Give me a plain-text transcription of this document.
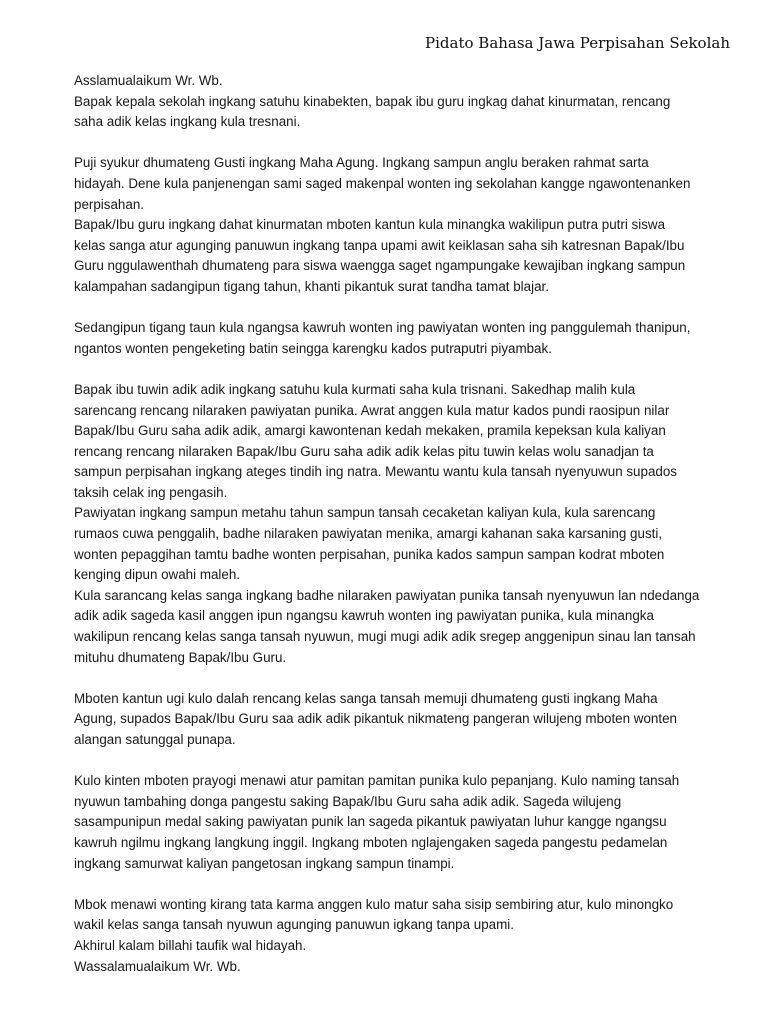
Pidato Bahasa Jawa Perpisahan Sekolah
Asslamualaikum Wr. Wb.
Bapak kepala sekolah ingkang satuhu kinabekten, bapak ibu guru ingkag dahat kinurmatan, rencang
saha adik kelas ingkang kula tresnani.
Puji syukur dhumateng Gusti ingkang Maha Agung. Ingkang sampun anglu beraken rahmat sarta
hidayah. Dene kula panjenengan sami saged makenpal wonten ing sekolahan kangge ngawontenanken
perpisahan.
Bapak/Ibu guru ingkang dahat kinurmatan mboten kantun kula minangka wakilipun putra putri siswa
kelas sanga atur agunging panuwun ingkang tanpa upami awit keiklasan saha sih katresnan Bapak/Ibu
Guru nggulawenthah dhumateng para siswa waengga saget ngampungake kewajiban ingkang sampun
kalampahan sadangipun tigang tahun, khanti pikantuk surat tandha tamat blajar.
Sedangipun tigang taun kula ngangsa kawruh wonten ing pawiyatan wonten ing panggulemah thanipun,
ngantos wonten pengeketing batin seingga karengku kados putraputri piyambak.
Bapak ibu tuwin adik adik ingkang satuhu kula kurmati saha kula trisnani. Sakedhap malih kula
sarencang rencang nilaraken pawiyatan punika. Awrat anggen kula matur kados pundi raosipun nilar
Bapak/Ibu Guru saha adik adik, amargi kawontenan kedah mekaken, pramila kepeksan kula kaliyan
rencang rencang nilaraken Bapak/Ibu Guru saha adik adik kelas pitu tuwin kelas wolu sanadjan ta
sampun perpisahan ingkang ateges tindih ing natra. Mewantu wantu kula tansah nyenyuwun supados
taksih celak ing pengasih.
Pawiyatan ingkang sampun metahu tahun sampun tansah cecaketan kaliyan kula, kula sarencang
rumaos cuwa penggalih, badhe nilaraken pawiyatan menika, amargi kahanan saka karsaning gusti,
wonten pepaggihan tamtu badhe wonten perpisahan, punika kados sampun sampan kodrat mboten
kenging dipun owahi maleh.
Kula sarancang kelas sanga ingkang badhe nilaraken pawiyatan punika tansah nyenyuwun lan ndedanga
adik adik sageda kasil anggen ipun ngangsu kawruh wonten ing pawiyatan punika, kula minangka
wakilipun rencang kelas sanga tansah nyuwun, mugi mugi adik adik sregep anggenipun sinau lan tansah
mituhu dhumateng Bapak/Ibu Guru.
Mboten kantun ugi kulo dalah rencang kelas sanga tansah memuji dhumateng gusti ingkang Maha
Agung, supados Bapak/Ibu Guru saa adik adik pikantuk nikmateng pangeran wilujeng mboten wonten
alangan satunggal punapa.
Kulo kinten mboten prayogi menawi atur pamitan pamitan punika kulo pepanjang. Kulo naming tansah
nyuwun tambahing donga pangestu saking Bapak/Ibu Guru saha adik adik. Sageda wilujeng
sasampunipun medal saking pawiyatan punik lan sageda pikantuk pawiyatan luhur kangge ngangsu
kawruh ngilmu ingkang langkung inggil. Ingkang mboten nglajengaken sageda pangestu pedamelan
ingkang samurwat kaliyan pangetosan ingkang sampun tinampi.
Mbok menawi wonting kirang tata karma anggen kulo matur saha sisip sembiring atur, kulo minongko
wakil kelas sanga tansah nyuwun agunging panuwun igkang tanpa upami.
Akhirul kalam billahi taufik wal hidayah.
Wassalamualaikum Wr. Wb.
